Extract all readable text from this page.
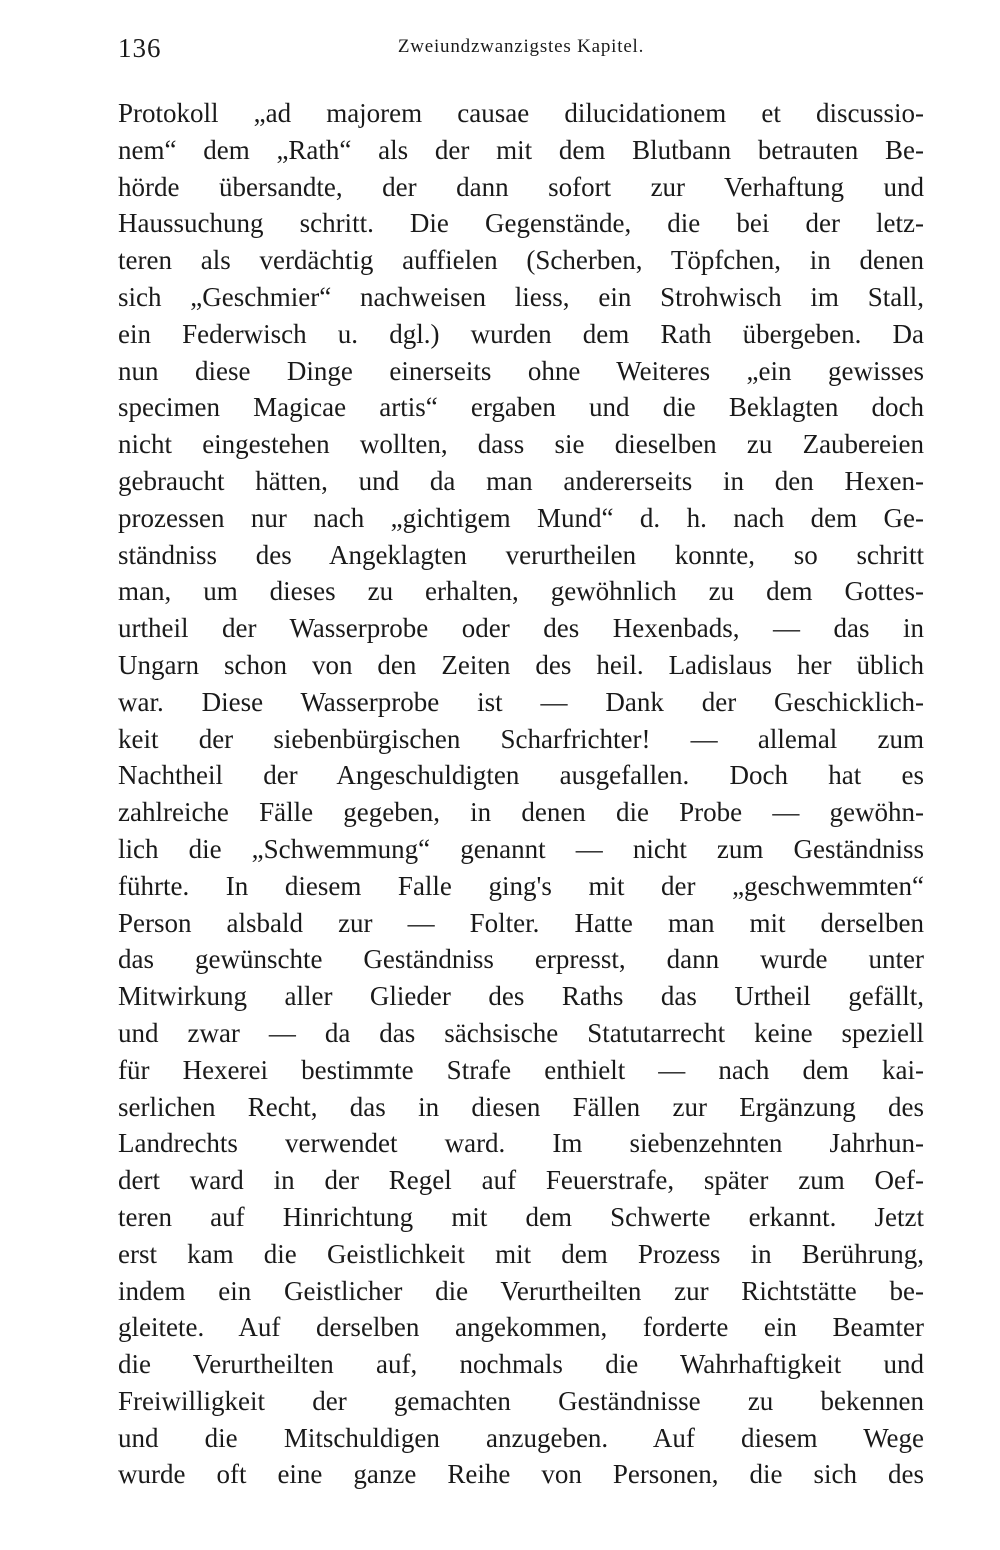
136	Zweiundzwanzigstes Kapitel.
Protokoll „ad majorem causae dilucidationem et discussio-
nem“ dem „Rath“ als der mit dem Blutbann betrauten Be-
hörde übersandte, der dann sofort zur Verhaftung und
Haussuchung schritt. Die Gegenstände, die bei der letz-
teren als verdächtig auffielen (Scherben, Töpfchen, in denen
sich „Geschmier“ nachweisen liess, ein Strohwisch im Stall,
ein Federwisch u. dgl.) wurden dem Rath übergeben. Da
nun diese Dinge einerseits ohne Weiteres „ein gewisses
specimen Magicae artis“ ergaben und die Beklagten doch
nicht eingestehen wollten, dass sie dieselben zu Zaubereien
gebraucht hätten, und da man andererseits in den Hexen-
prozessen nur nach „gichtigem Mund“ d. h. nach dem Ge-
ständniss des Angeklagten verurtheilen konnte, so schritt
man, um dieses zu erhalten, gewöhnlich zu dem Gottes-
urtheil der Wasserprobe oder des Hexenbads, — das in
Ungarn schon von den Zeiten des heil. Ladislaus her üblich
war. Diese Wasserprobe ist — Dank der Geschicklich-
keit der siebenbürgischen Scharfrichter! — allemal zum
Nachtheil der Angeschuldigten ausgefallen. Doch hat es
zahlreiche Fälle gegeben, in denen die Probe — gewöhn-
lich die „Schwemmung“ genannt — nicht zum Geständniss
führte. In diesem Falle ging's mit der „geschwemmten“
Person alsbald zur — Folter. Hatte man mit derselben
das gewünschte Geständniss erpresst, dann wurde unter
Mitwirkung aller Glieder des Raths das Urtheil gefällt,
und zwar — da das sächsische Statutarrecht keine speziell
für Hexerei bestimmte Strafe enthielt — nach dem kai-
serlichen Recht, das in diesen Fällen zur Ergänzung des
Landrechts verwendet ward. Im siebenzehnten Jahrhun-
dert ward in der Regel auf Feuerstrafe, später zum Oef-
teren auf Hinrichtung mit dem Schwerte erkannt. Jetzt
erst kam die Geistlichkeit mit dem Prozess in Berührung,
indem ein Geistlicher die Verurtheilten zur Richtstätte be-
gleitete. Auf derselben angekommen, forderte ein Beamter
die Verurtheilten auf, nochmals die Wahrhaftigkeit und
Freiwilligkeit der gemachten Geständnisse zu bekennen
und die Mitschuldigen anzugeben. Auf diesem Wege
wurde oft eine ganze Reihe von Personen, die sich des
